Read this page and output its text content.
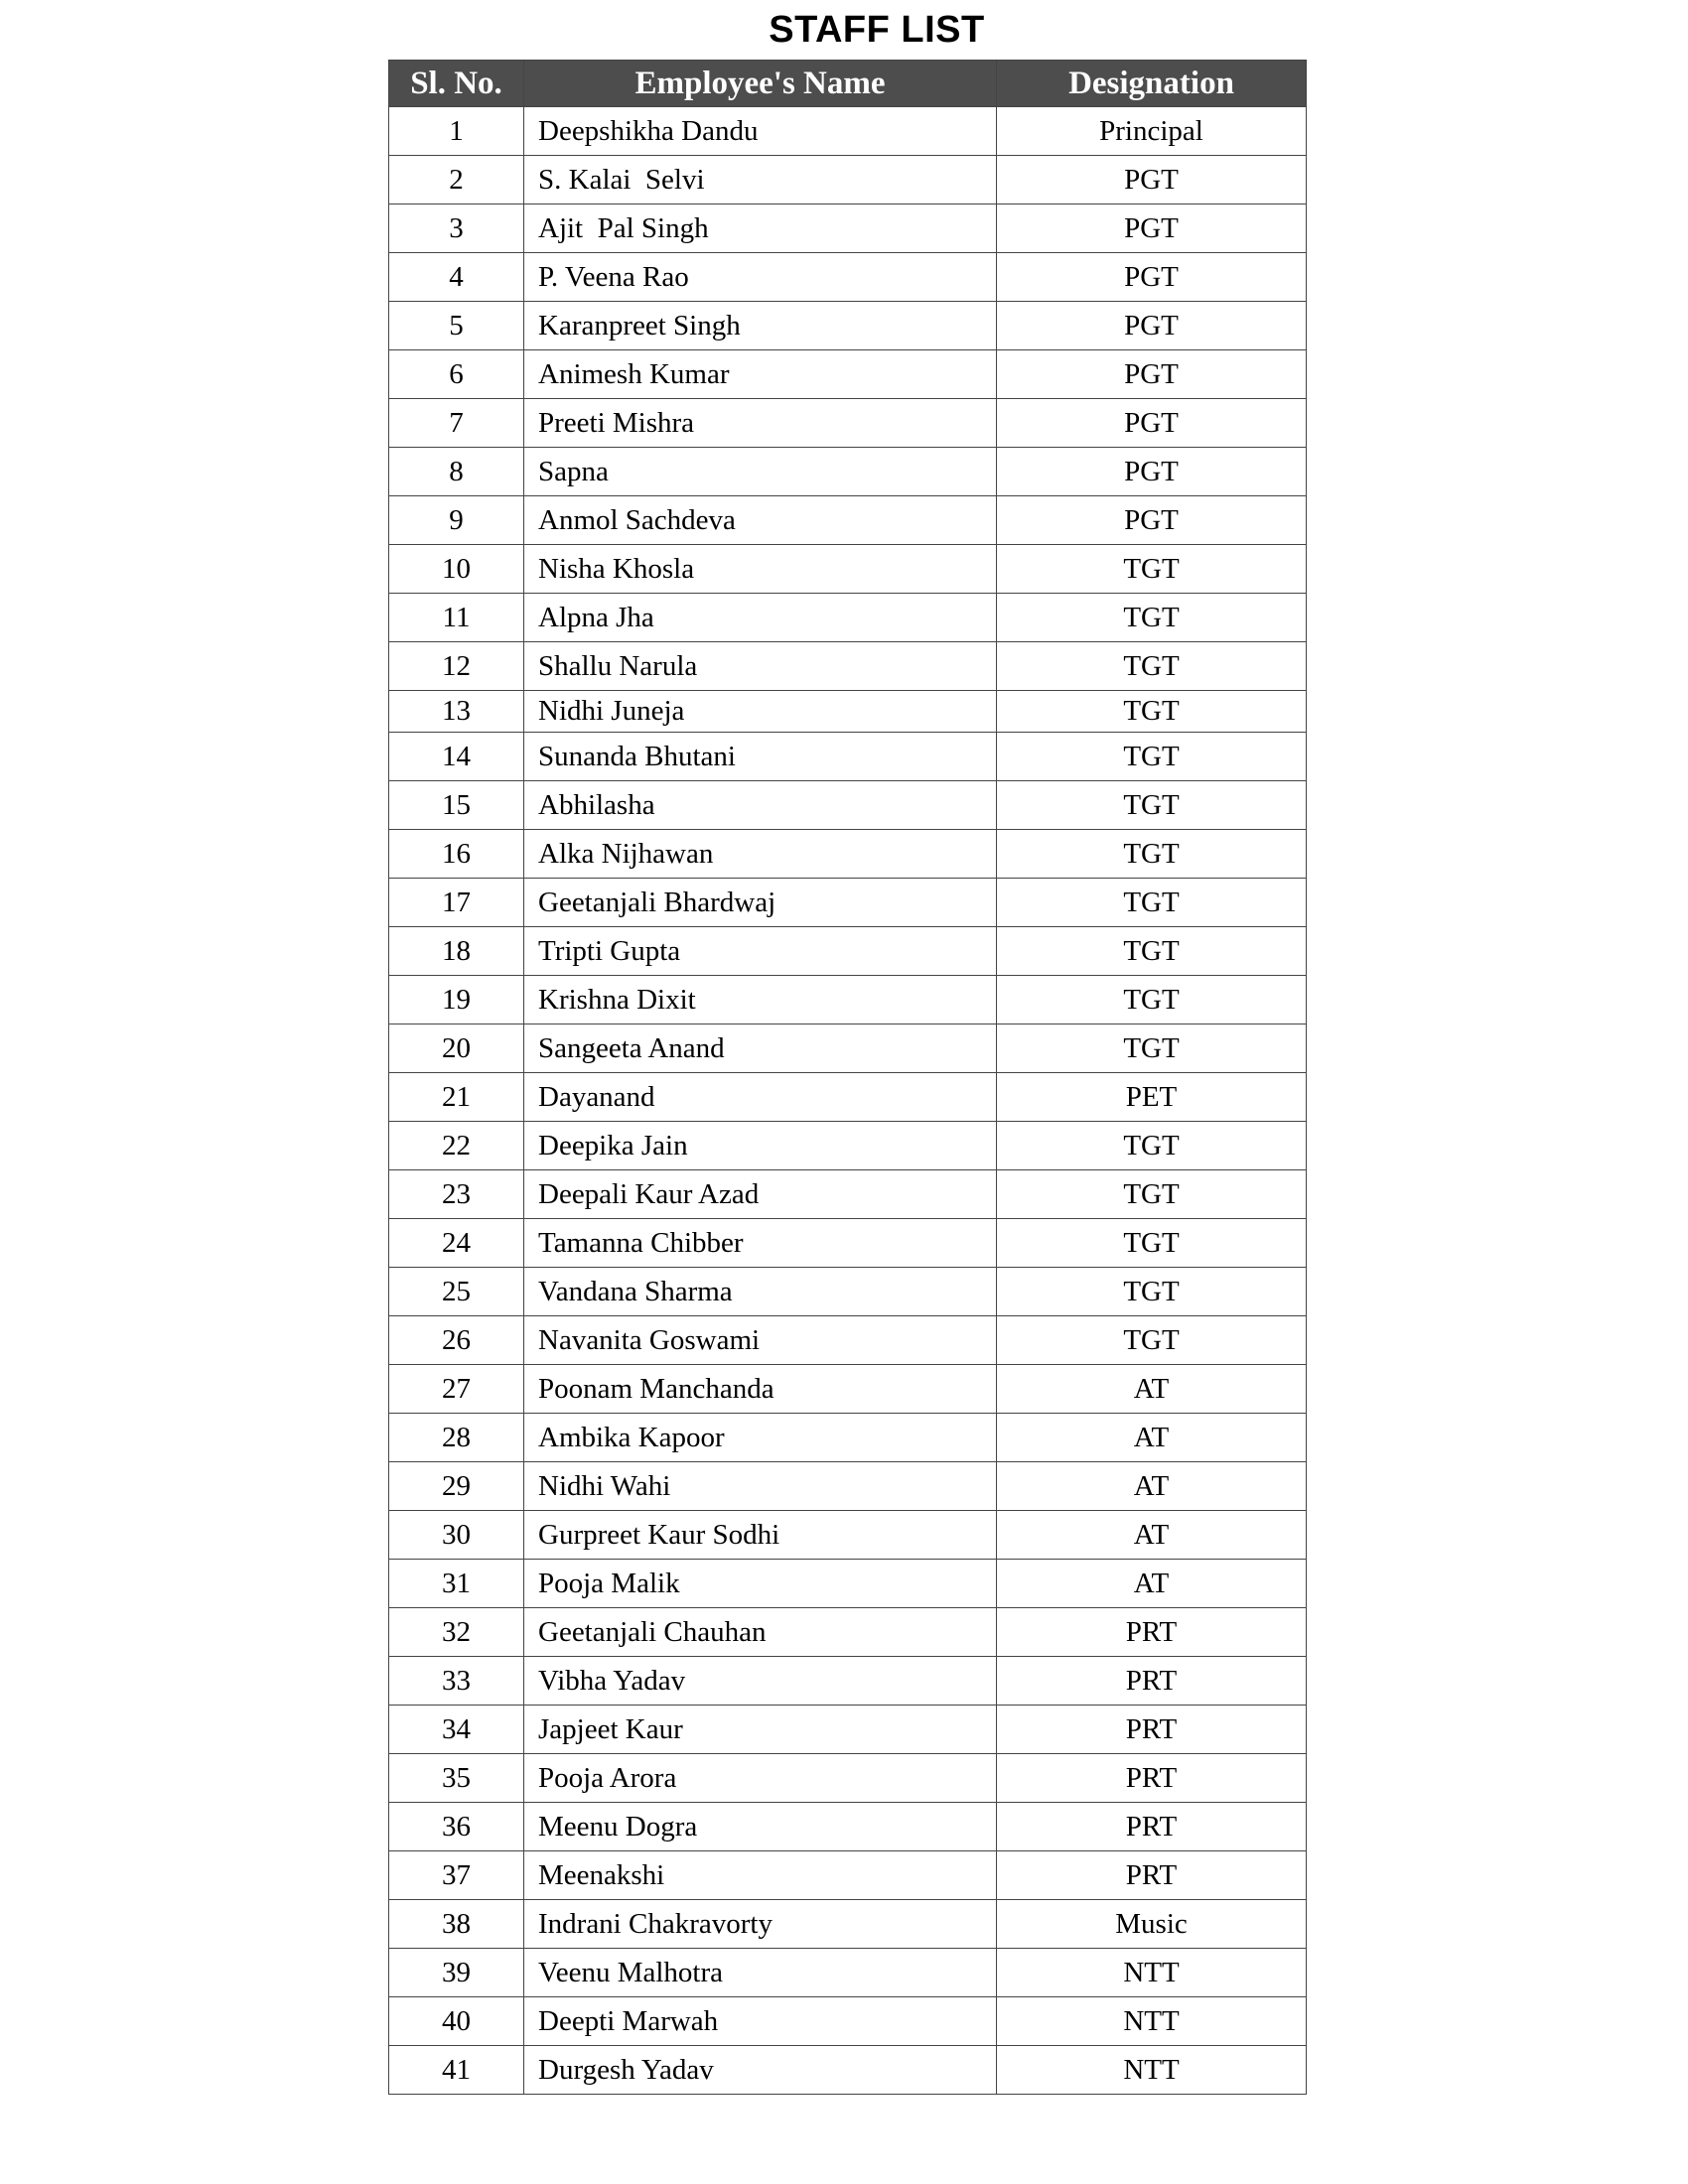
STAFF LIST
Sl. No.	Employee's Name	Designation
1	Deepshikha Dandu	Principal
2	S. Kalai  Selvi	PGT
3	Ajit  Pal Singh	PGT
4	P. Veena Rao	PGT
5	Karanpreet Singh	PGT
6	Animesh Kumar	PGT
7	Preeti Mishra	PGT
8	Sapna	PGT
9	Anmol Sachdeva	PGT
10	Nisha Khosla	TGT
11	Alpna Jha	TGT
12	Shallu Narula	TGT
13	Nidhi Juneja	TGT
14	Sunanda Bhutani	TGT
15	Abhilasha	TGT
16	Alka Nijhawan	TGT
17	Geetanjali Bhardwaj	TGT
18	Tripti Gupta	TGT
19	Krishna Dixit	TGT
20	Sangeeta Anand	TGT
21	Dayanand	PET
22	Deepika Jain	TGT
23	Deepali Kaur Azad	TGT
24	Tamanna Chibber	TGT
25	Vandana Sharma	TGT
26	Navanita Goswami	TGT
27	Poonam Manchanda	AT
28	Ambika Kapoor	AT
29	Nidhi Wahi	AT
30	Gurpreet Kaur Sodhi	AT
31	Pooja Malik	AT
32	Geetanjali Chauhan	PRT
33	Vibha Yadav	PRT
34	Japjeet Kaur	PRT
35	Pooja Arora	PRT
36	Meenu Dogra	PRT
37	Meenakshi	PRT
38	Indrani Chakravorty	Music
39	Veenu Malhotra	NTT
40	Deepti Marwah	NTT
41	Durgesh Yadav	NTT
